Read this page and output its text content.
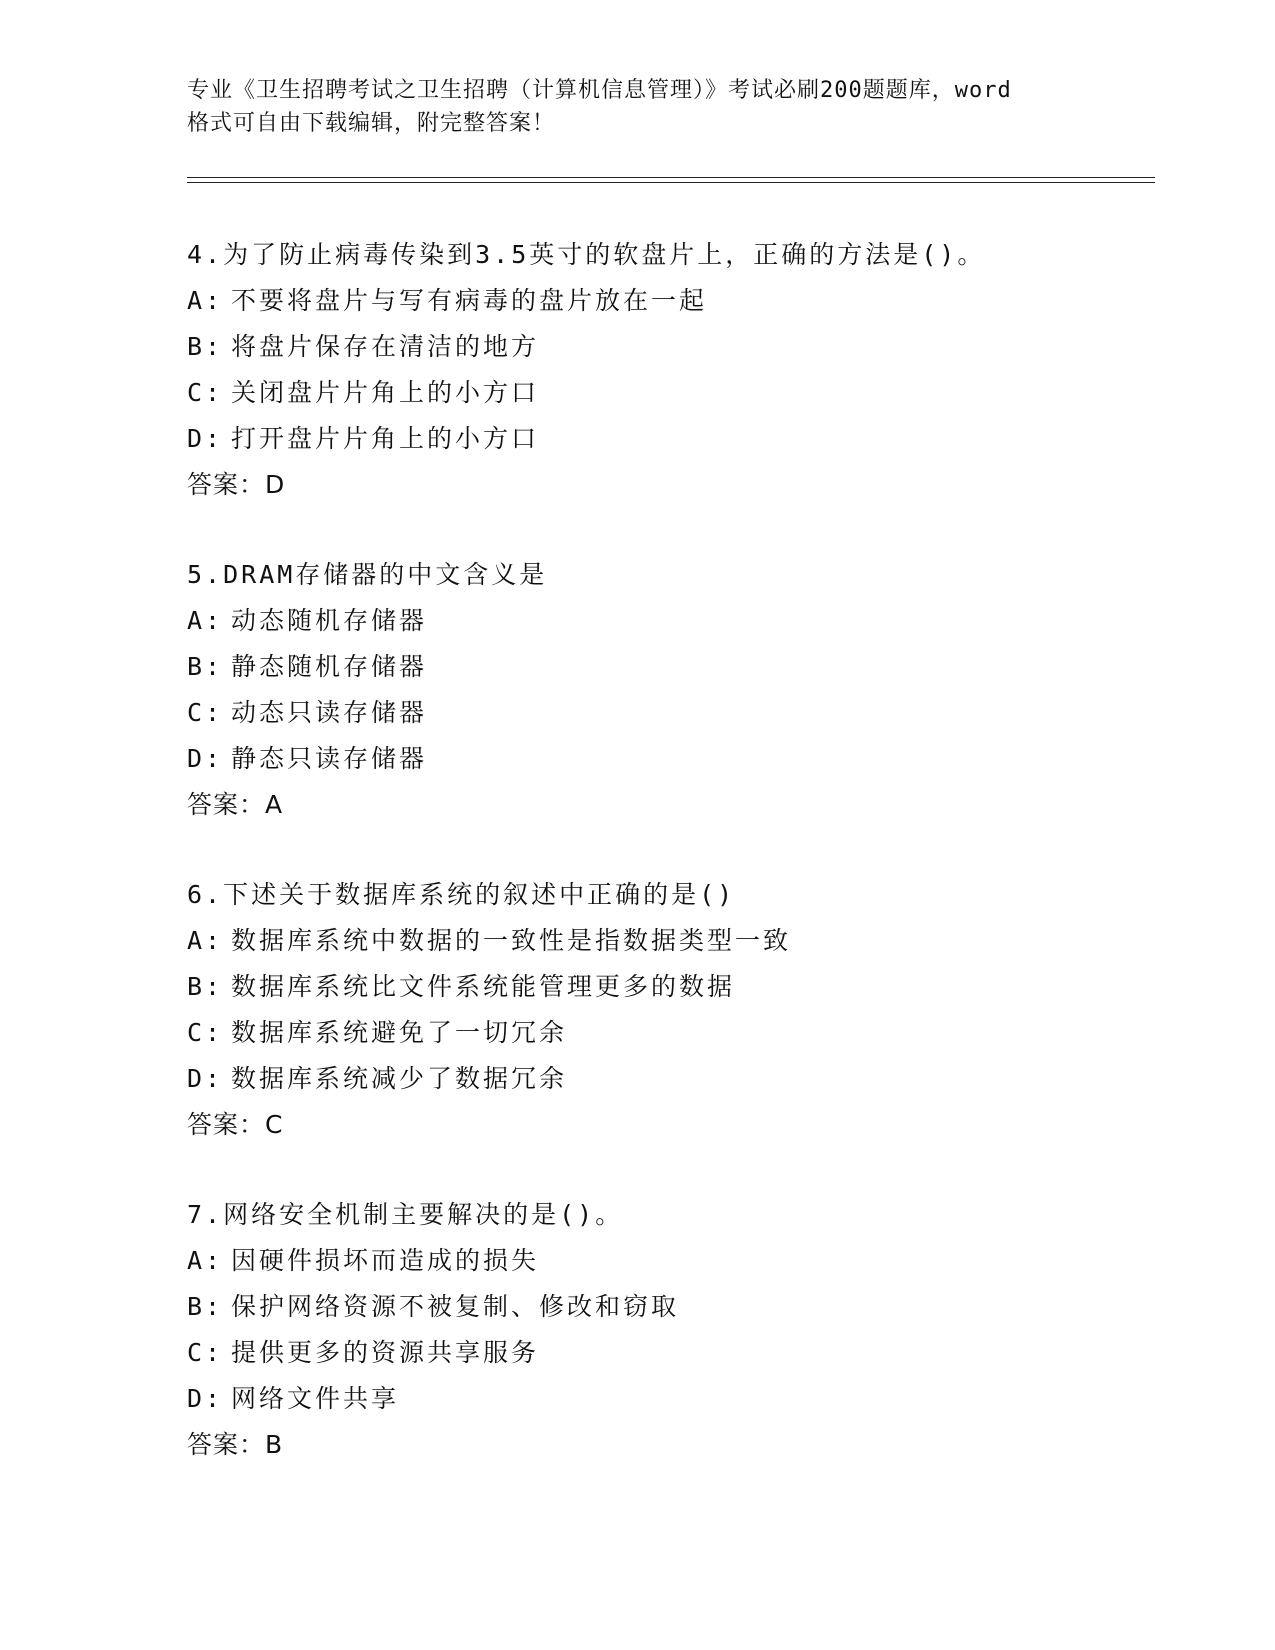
专业《卫生招聘考试之卫生招聘（计算机信息管理）》考试必刷200题题库，word
格式可自由下载编辑，附完整答案！
4.为了防止病毒传染到3.5英寸的软盘片上，正确的方法是()。
A: 不要将盘片与写有病毒的盘片放在一起
B: 将盘片保存在清洁的地方
C: 关闭盘片片角上的小方口
D: 打开盘片片角上的小方口
答案：D
5.DRAM存储器的中文含义是
A: 动态随机存储器
B: 静态随机存储器
C: 动态只读存储器
D: 静态只读存储器
答案：A
6.下述关于数据库系统的叙述中正确的是()
A: 数据库系统中数据的一致性是指数据类型一致
B: 数据库系统比文件系统能管理更多的数据
C: 数据库系统避免了一切冗余
D: 数据库系统减少了数据冗余
答案：C
7.网络安全机制主要解决的是()。
A: 因硬件损坏而造成的损失
B: 保护网络资源不被复制、修改和窃取
C: 提供更多的资源共享服务
D: 网络文件共享
答案：B
